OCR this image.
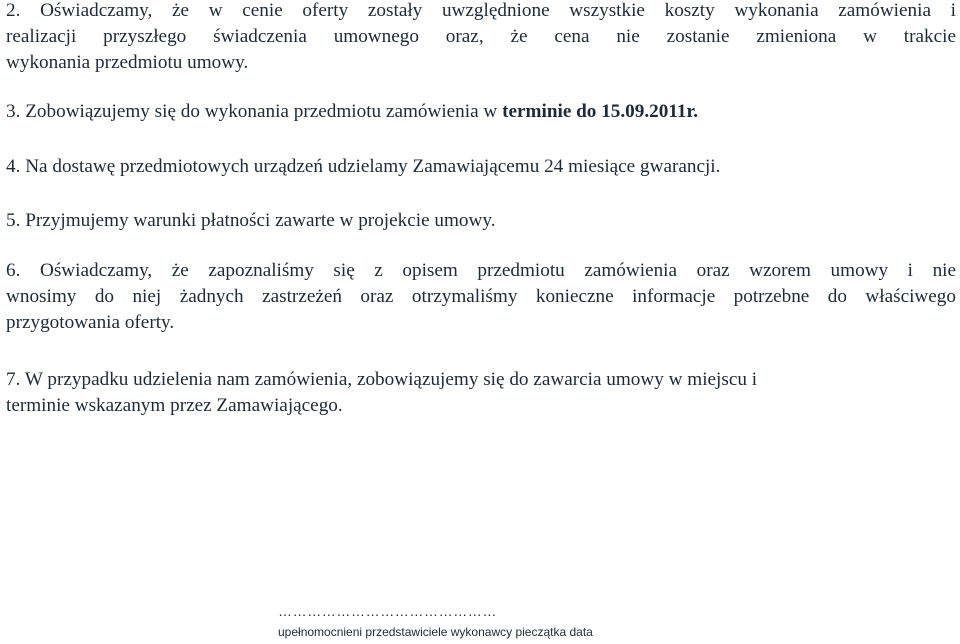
2. Oświadczamy, że w cenie oferty zostały uwzględnione wszystkie koszty wykonania zamówienia i
realizacji przyszłego świadczenia umownego oraz, że cena nie zostanie zmieniona w trakcie
wykonania przedmiotu umowy.
3. Zobowiązujemy się do wykonania przedmiotu zamówienia w terminie do 15.09.2011r.
4. Na dostawę przedmiotowych urządzeń udzielamy Zamawiającemu 24 miesiące gwarancji.
5. Przyjmujemy warunki płatności zawarte w projekcie umowy.
6. Oświadczamy, że zapoznaliśmy się z opisem przedmiotu zamówienia oraz wzorem umowy i nie
wnosimy do niej żadnych zastrzeżeń oraz otrzymaliśmy konieczne informacje potrzebne do właściwego
przygotowania oferty.
7. W przypadku udzielenia nam zamówienia, zobowiązujemy się do zawarcia umowy w miejscu i
terminie wskazanym przez Zamawiającego.
………………………………………
upełnomocnieni przedstawiciele wykonawcy pieczątka data
